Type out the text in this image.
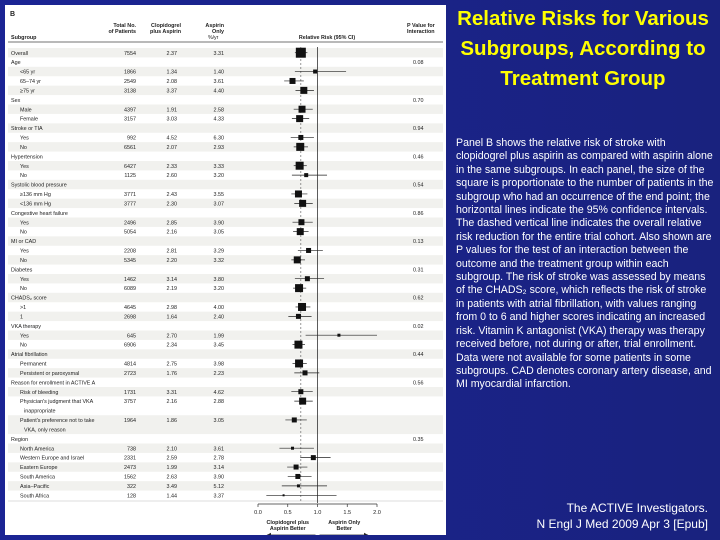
B
Subgroup
Total No.
of Patients
Clopidogrel
plus Aspirin
Aspirin
Only
%/yr	Relative Risk (95% CI)
P Value for
Interaction
Overall	7554	2.37	3.31
Age	0.08
<65 yr	1866	1.34	1.40
65–74 yr	2549	2.08	3.61
≥75 yr	3138	3.37	4.40
Sex	0.70
Male	4397	1.91	2.58
Female	3157	3.03	4.33
Stroke or TIA	0.94
Yes	992	4.52	6.30
No	6561	2.07	2.93
Hypertension	0.46
Yes	6427	2.33	3.33
No	1125	2.60	3.20
Systolic blood pressure	0.54
≥136 mm Hg	3771	2.43	3.55
<136 mm Hg	3777	2.30	3.07
Congestive heart failure	0.86
Yes	2496	2.85	3.90
No	5054	2.16	3.05
MI or CAD	0.13
Yes	2208	2.81	3.29
No	5345	2.20	3.32
Diabetes	0.31
Yes	1462	3.14	3.80
No	6089	2.19	3.20
CHADS₂ score	0.62
>1	4645	2.98	4.00
1	2698	1.64	2.40
VKA therapy	0.02
Yes	645	2.70	1.99
No	6906	2.34	3.45
Atrial fibrillation	0.44
Permanent	4814	2.75	3.98
Persistent or paroxysmal	2723	1.76	2.23
Reason for enrollment in ACTIVE A	0.56
Risk of bleeding	1731	3.31	4.62
Physician's judgment that VKA
inappropriate
3757	2.16	2.88
Patient's preference not to take
VKA, only reason
1964	1.86	3.05
Region	0.35
North America	738	2.10	3.61
Western Europe and Israel	2331	2.59	2.78
Eastern Europe	2473	1.99	3.14
South America	1562	2.63	3.90
Asia–Pacific	322	3.49	5.12
South Africa	128	1.44	3.37
0.0	0.5	1.0	1.5	2.0
Clopidogrel plus
Aspirin Better
Aspirin Only
Better
Relative Risks for Various Subgroups, According to Treatment Group

Panel B shows the relative risk of stroke with clopidogrel plus aspirin as compared with aspirin alone in the same subgroups. In each panel, the size of the square is proportionate to the number of patients in the subgroup who had an occurrence of the end point; the horizontal lines indicate the 95% confidence intervals. The dashed vertical line indicates the overall relative risk reduction for the entire trial cohort. Also shown are P values for the test of an interaction between the outcome and the treatment group within each subgroup. The risk of stroke was assessed by means of the CHADS₂ score, which reflects the risk of stroke in patients with atrial fibrillation, with values ranging from 0 to 6 and higher scores indicating an increased risk. Vitamin K antagonist (VKA) therapy was therapy received before, not during or after, trial enrollment. Data were not available for some patients in some subgroups. CAD denotes coronary artery disease, and MI myocardial infarction.

The ACTIVE Investigators.
N Engl J Med 2009 Apr 3 [Epub]
